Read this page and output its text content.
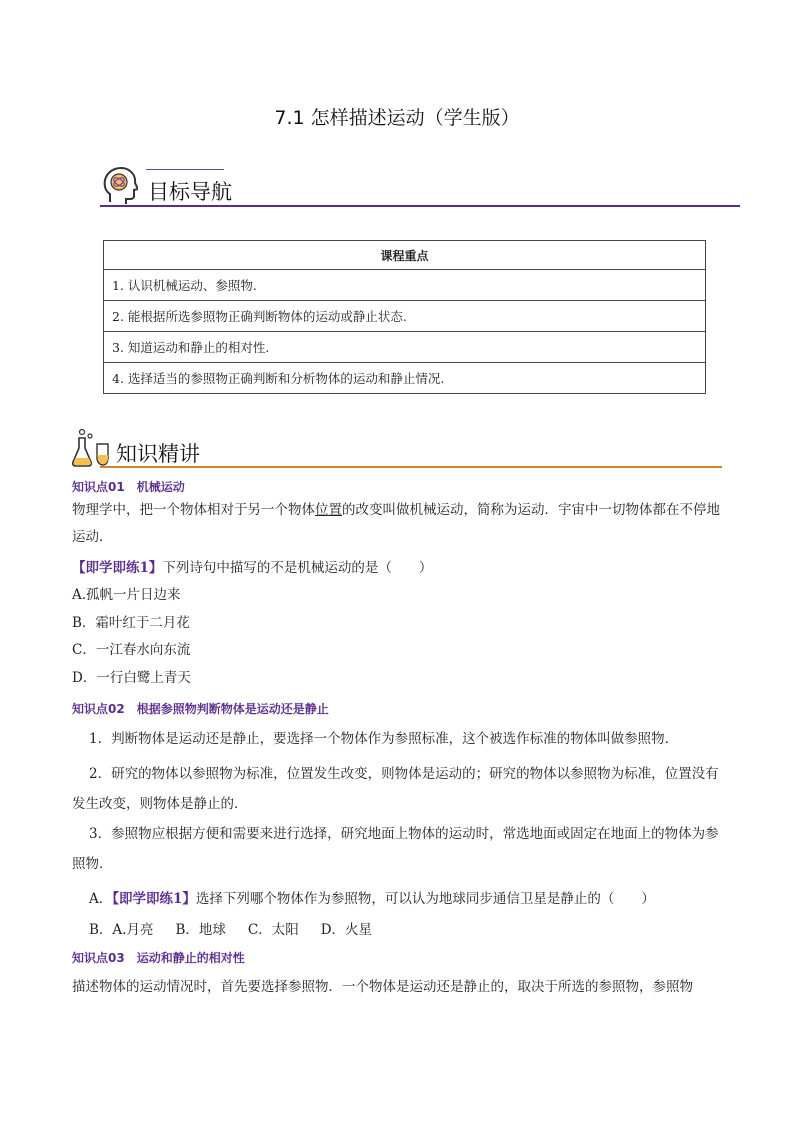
7.1 怎样描述运动（学生版）
目标导航
课程重点
1. 认识机械运动、参照物.
2. 能根据所选参照物正确判断物体的运动或静止状态.
3. 知道运动和静止的相对性.
4. 选择适当的参照物正确判断和分析物体的运动和静止情况.
知识精讲
知识点01 机械运动
物理学中，把一个物体相对于另一个物体位置的改变叫做机械运动，简称为运动．宇宙中一切物体都在不停地运动．
【即学即练1】下列诗句中描写的不是机械运动的是（　　）
A.孤帆一片日边来
B．霜叶红于二月花
C．一江春水向东流
D．一行白鹭上青天
知识点02 根据参照物判断物体是运动还是静止
1．判断物体是运动还是静止，要选择一个物体作为参照标准，这个被选作标准的物体叫做参照物．
2．研究的物体以参照物为标准，位置发生改变，则物体是运动的；研究的物体以参照物为标准，位置没有发生改变，则物体是静止的．
3．参照物应根据方便和需要来进行选择，研究地面上物体的运动时，常选地面或固定在地面上的物体为参照物．
A．【即学即练1】选择下列哪个物体作为参照物，可以认为地球同步通信卫星是静止的（　　）
B．A.月亮 B．地球 C．太阳 D．火星
知识点03 运动和静止的相对性
描述物体的运动情况时，首先要选择参照物．一个物体是运动还是静止的，取决于所选的参照物，参照物
